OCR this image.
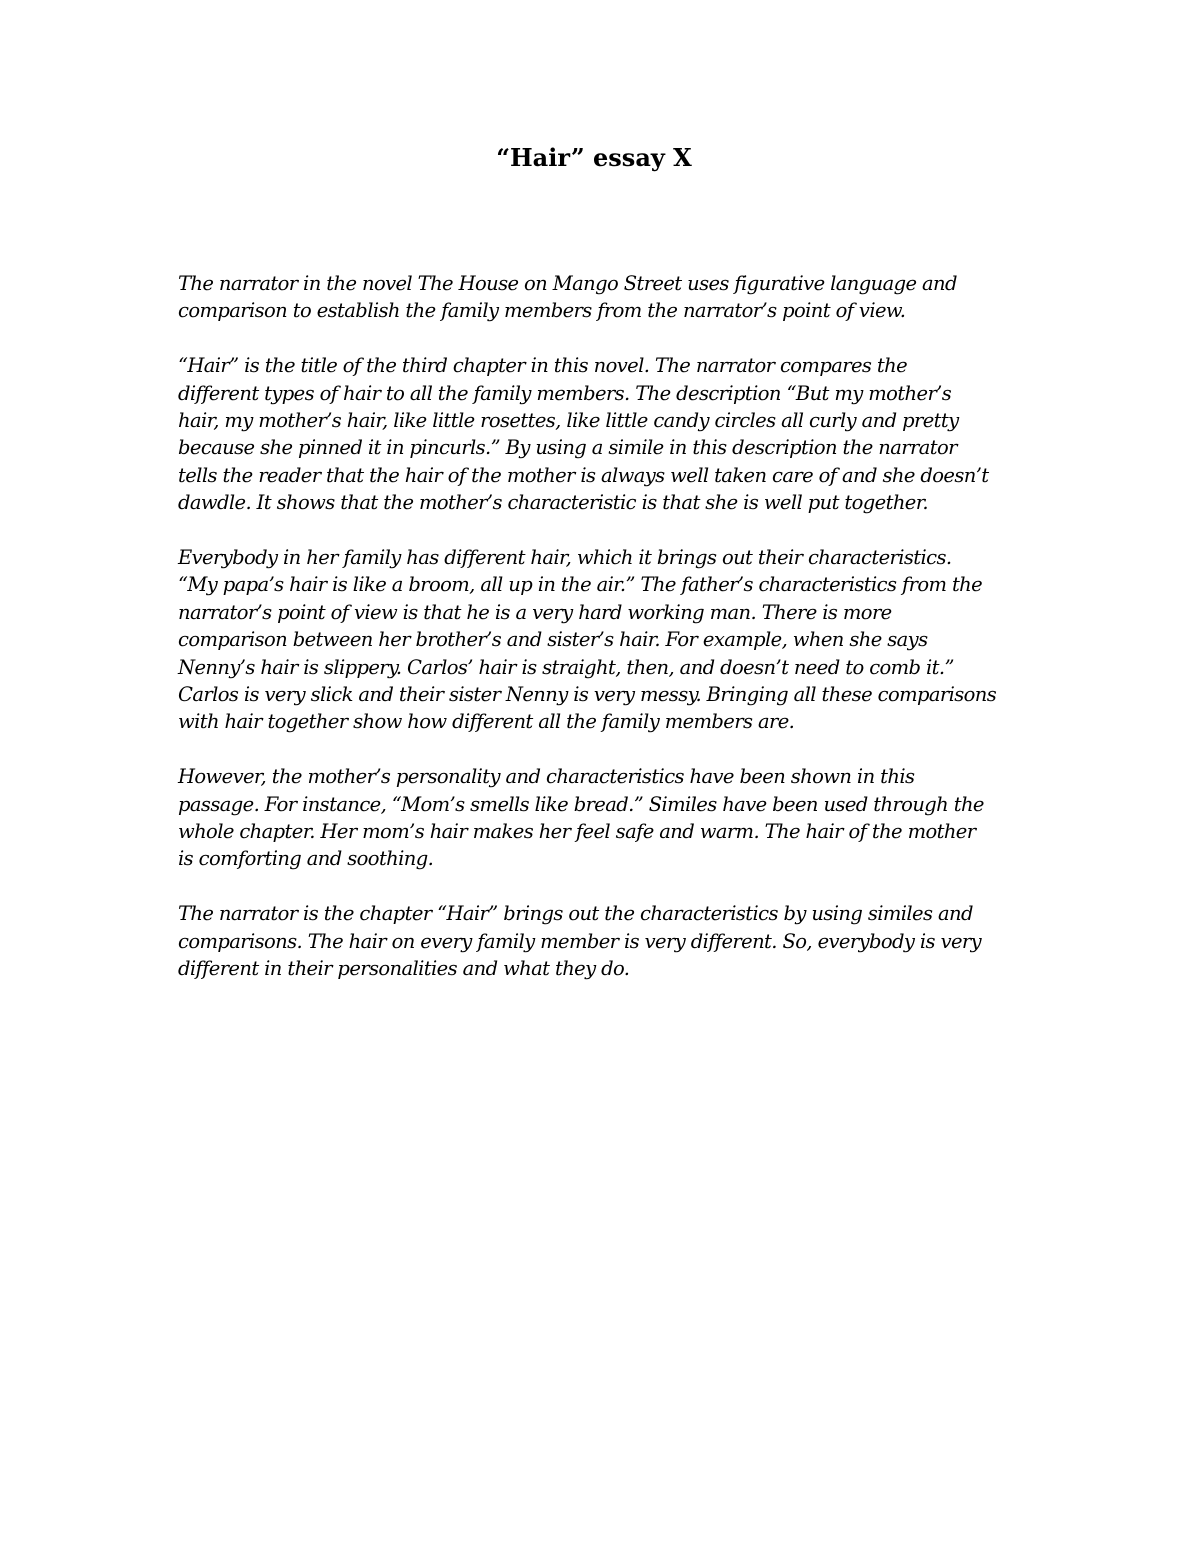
“Hair” essay X
The narrator in the novel The House on Mango Street uses figurative language and
comparison to establish the family members from the narrator’s point of view.
“Hair” is the title of the third chapter in this novel. The narrator compares the
different types of hair to all the family members. The description “But my mother’s
hair, my mother’s hair, like little rosettes, like little candy circles all curly and pretty
because she pinned it in pincurls.” By using a simile in this description the narrator
tells the reader that the hair of the mother is always well taken care of and she doesn’t
dawdle. It shows that the mother’s characteristic is that she is well put together.
Everybody in her family has different hair, which it brings out their characteristics.
“My papa’s hair is like a broom, all up in the air.” The father’s characteristics from the
narrator’s point of view is that he is a very hard working man. There is more
comparison between her brother’s and sister’s hair. For example, when she says
Nenny’s hair is slippery. Carlos’ hair is straight, then, and doesn’t need to comb it.”
Carlos is very slick and their sister Nenny is very messy. Bringing all these comparisons
with hair together show how different all the family members are.
However, the mother’s personality and characteristics have been shown in this
passage. For instance, “Mom’s smells like bread.” Similes have been used through the
whole chapter. Her mom’s hair makes her feel safe and warm. The hair of the mother
is comforting and soothing.
The narrator is the chapter “Hair” brings out the characteristics by using similes and
comparisons. The hair on every family member is very different. So, everybody is very
different in their personalities and what they do.
